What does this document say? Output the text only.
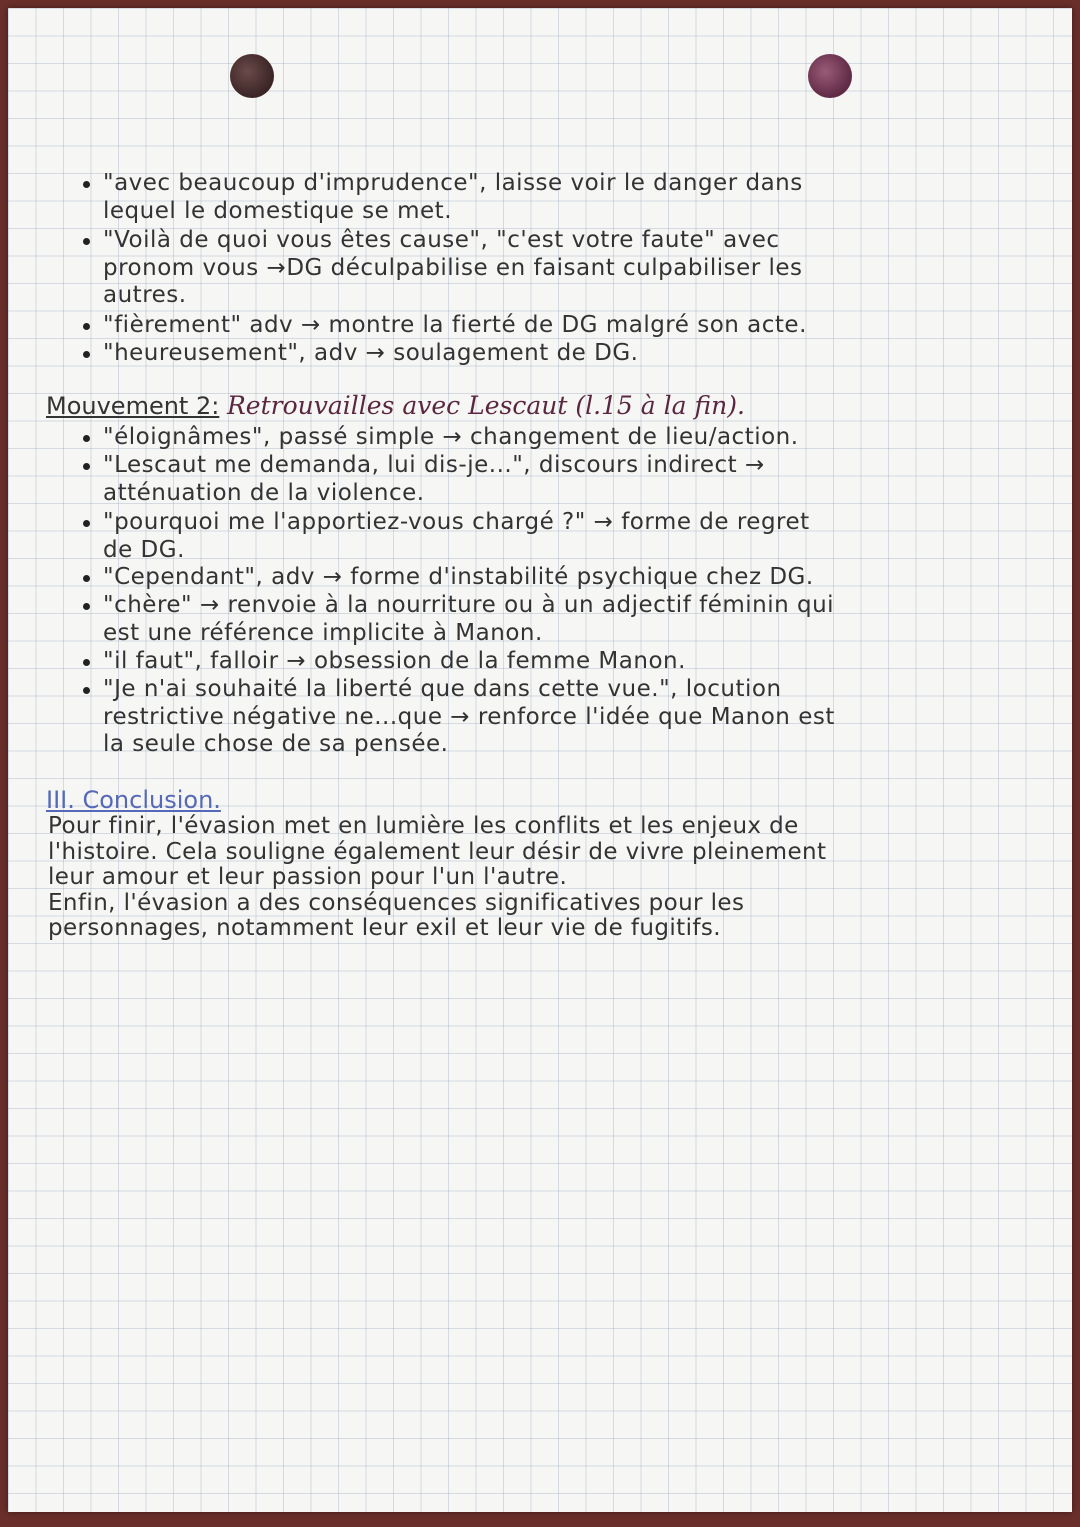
"avec beaucoup d'imprudence", laisse voir le danger dans
lequel le domestique se met.
"Voilà de quoi vous êtes cause", "c'est votre faute" avec
pronom vous →DG déculpabilise en faisant culpabiliser les
autres.
"fièrement" adv → montre la fierté de DG malgré son acte.
"heureusement", adv → soulagement de DG.
Mouvement 2: Retrouvailles avec Lescaut (l.15 à la fin).
"éloignâmes", passé simple → changement de lieu/action.
"Lescaut me demanda, lui dis-je...", discours indirect →
atténuation de la violence.
"pourquoi me l'apportiez-vous chargé ?" → forme de regret
de DG.
"Cependant", adv → forme d'instabilité psychique chez DG.
"chère" → renvoie à la nourriture ou à un adjectif féminin qui
est une référence implicite à Manon.
"il faut", falloir → obsession de la femme Manon.
"Je n'ai souhaité la liberté que dans cette vue.", locution
restrictive négative ne...que → renforce l'idée que Manon est
la seule chose de sa pensée.
III. Conclusion.
Pour finir, l'évasion met en lumière les conflits et les enjeux de
l'histoire. Cela souligne également leur désir de vivre pleinement
leur amour et leur passion pour l'un l'autre.
Enfin, l'évasion a des conséquences significatives pour les
personnages, notamment leur exil et leur vie de fugitifs.
